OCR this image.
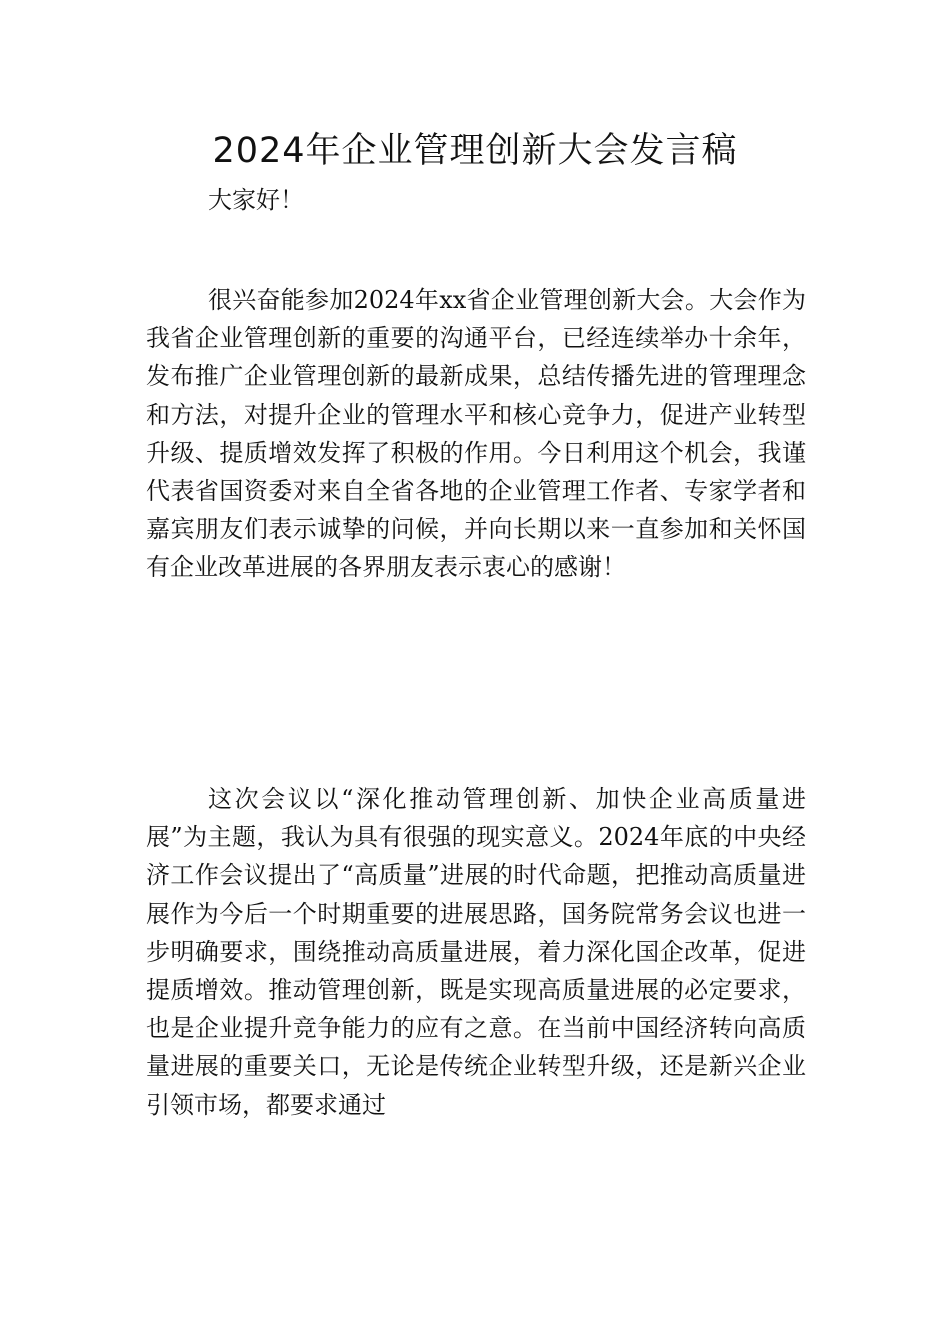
2024年企业管理创新大会发言稿

大家好！

很兴奋能参加2024年xx省企业管理创新大会。大会作为我省企业管理创新的重要的沟通平台，已经连续举办十余年，发布推广企业管理创新的最新成果，总结传播先进的管理理念和方法，对提升企业的管理水平和核心竞争力，促进产业转型升级、提质增效发挥了积极的作用。今日利用这个机会，我谨代表省国资委对来自全省各地的企业管理工作者、专家学者和嘉宾朋友们表示诚挚的问候，并向长期以来一直参加和关怀国有企业改革进展的各界朋友表示衷心的感谢！

这次会议以“深化推动管理创新、加快企业高质量进展”为主题，我认为具有很强的现实意义。2024年底的中央经济工作会议提出了“高质量”进展的时代命题，把推动高质量进展作为今后一个时期重要的进展思路，国务院常务会议也进一步明确要求，围绕推动高质量进展，着力深化国企改革，促进提质增效。推动管理创新，既是实现高质量进展的必定要求，也是企业提升竞争能力的应有之意。在当前中国经济转向高质量进展的重要关口，无论是传统企业转型升级，还是新兴企业引领市场，都要求通过
